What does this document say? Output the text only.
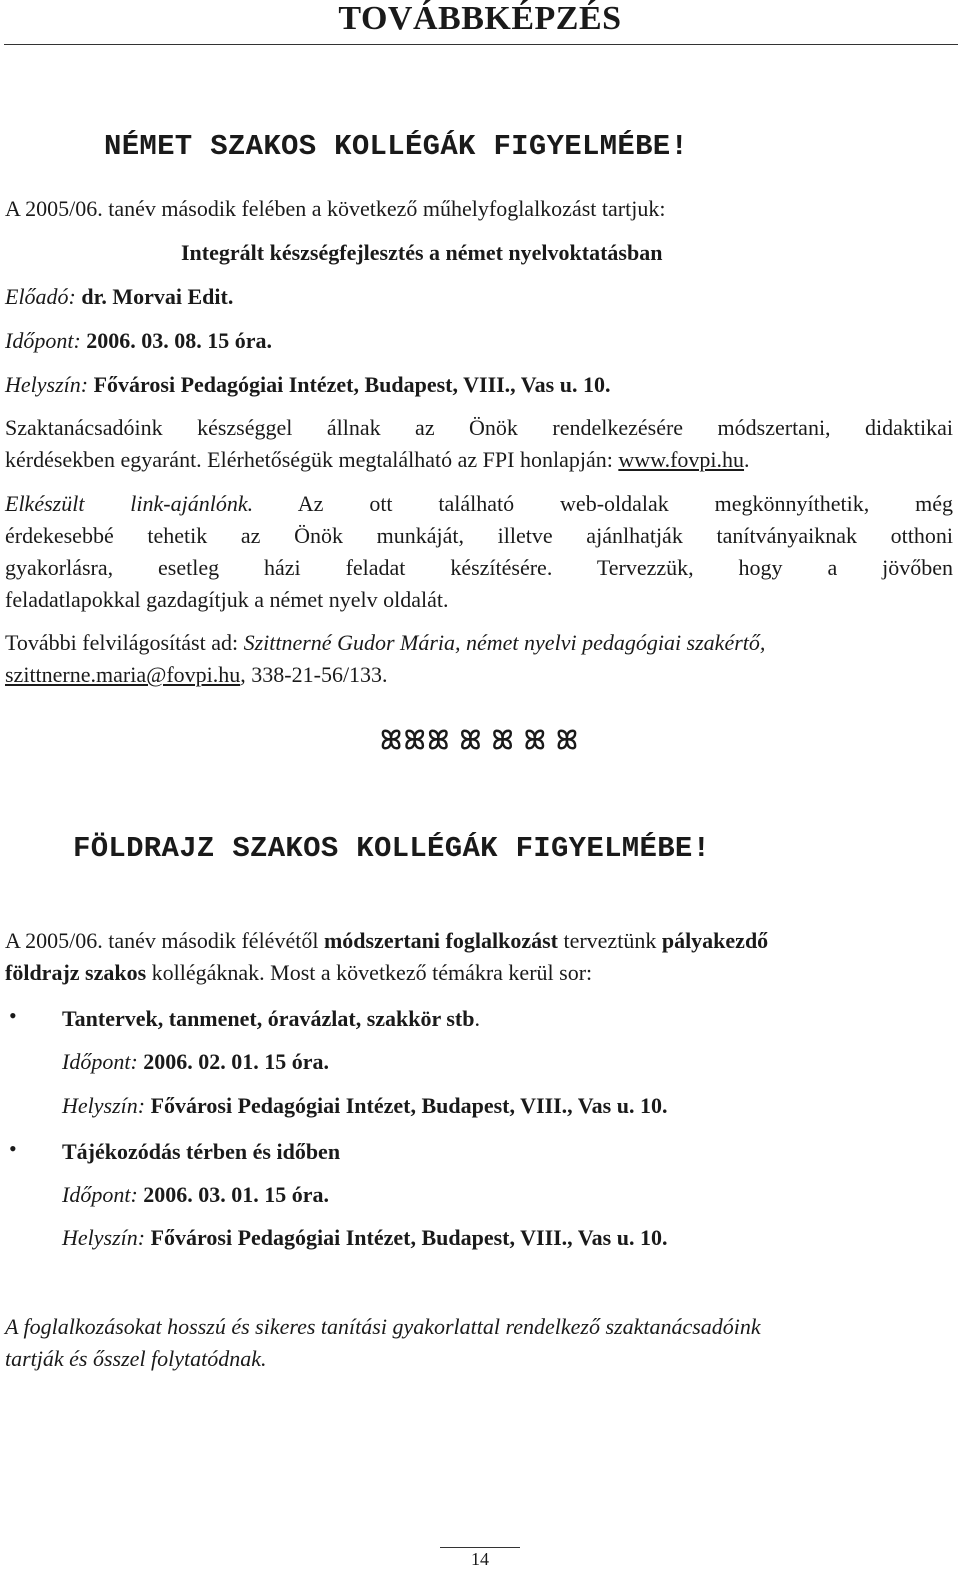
TOVÁBBKÉPZÉS
NÉMET SZAKOS KOLLÉGÁK FIGYELMÉBE!
A 2005/06. tanév második felében a következő műhelyfoglalkozást tartjuk:
Integrált készségfejlesztés a német nyelvoktatásban
Előadó: dr. Morvai Edit.
Időpont: 2006. 03. 08. 15 óra.
Helyszín: Fővárosi Pedagógiai Intézet, Budapest, VIII., Vas u. 10.
Szaktanácsadóink készséggel állnak az Önök rendelkezésére módszertani, didaktikai
kérdésekben egyaránt. Elérhetőségük megtalálható az FPI honlapján: www.fovpi.hu.
Elkészült link-ajánlónk. Az ott található web-oldalak megkönnyíthetik, még
érdekesebbé tehetik az Önök munkáját, illetve ajánlhatják tanítványaiknak otthoni
gyakorlásra, esetleg házi feladat készítésére. Tervezzük, hogy a jövőben
feladatlapokkal gazdagítjuk a német nyelv oldalát.
További felvilágosítást ad: Szittnerné Gudor Mária, német nyelvi pedagógiai szakértő,
szittnerne.maria@fovpi.hu, 338-21-56/133.
ꕤꕤꕤ ꕤ ꕤ ꕤ ꕤ
FÖLDRAJZ SZAKOS KOLLÉGÁK FIGYELMÉBE!
A 2005/06. tanév második félévétől módszertani foglalkozást terveztünk pályakezdő
földrajz szakos kollégáknak. Most a következő témákra kerül sor:
• Tantervek, tanmenet, óravázlat, szakkör stb.
Időpont: 2006. 02. 01. 15 óra.
Helyszín: Fővárosi Pedagógiai Intézet, Budapest, VIII., Vas u. 10.
• Tájékozódás térben és időben
Időpont: 2006. 03. 01. 15 óra.
Helyszín: Fővárosi Pedagógiai Intézet, Budapest, VIII., Vas u. 10.
A foglalkozásokat hosszú és sikeres tanítási gyakorlattal rendelkező szaktanácsadóink
tartják és ősszel folytatódnak.
14
